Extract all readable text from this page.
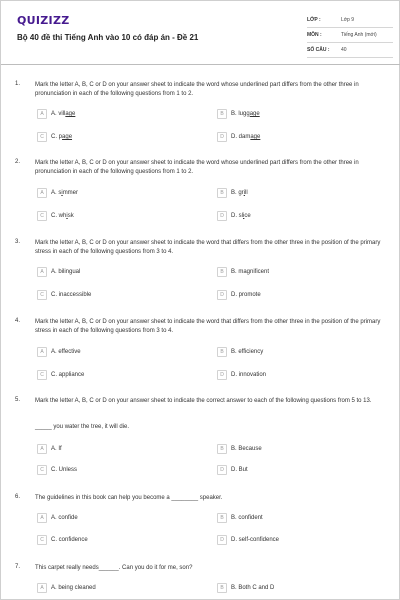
QUIZIZZ
Bộ 40 đề thi Tiếng Anh vào 10 có đáp án - Đề 21
LỚP :	Lớp 9
MÔN :	Tiếng Anh (mới)
SỐ CÂU : 40
1. Mark the letter A, B, C or D on your answer sheet to indicate the word whose underlined part differs from the other three in pronunciation in each of the following questions from 1 to 2.
A	A. village	B	B. luggage
C	C. page	D	D. damage
2. Mark the letter A, B, C or D on your answer sheet to indicate the word whose underlined part differs from the other three in pronunciation in each of the following questions from 1 to 2.
A	A. simmer	B	B. grill
C	C. whisk	D	D. slice
3. Mark the letter A, B, C or D on your answer sheet to indicate the word that differs from the other three in the position of the primary stress in each of the following questions from 3 to 4.
A	A. bilingual	B	B. magnificent
C	C. inaccessible	D	D. promote
4. Mark the letter A, B, C or D on your answer sheet to indicate the word that differs from the other three in the position of the primary stress in each of the following questions from 3 to 4.
A	A. effective	B	B. efficiency
C	C. appliance	D	D. innovation
5. Mark the letter A, B, C or D on your answer sheet to indicate the correct answer to each of the following questions from 5 to 13.
_____ you water the tree, it will die.
A	A. If	B	B. Because
C	C. Unless	D	D. But
6. The guidelines in this book can help you become a ________ speaker.
A	A. confide	B	B. confident
C	C. confidence	D	D. self-confidence
7. This carpet really needs______. Can you do it for me, son?
A	A. being cleaned	B	B. Both C and D
